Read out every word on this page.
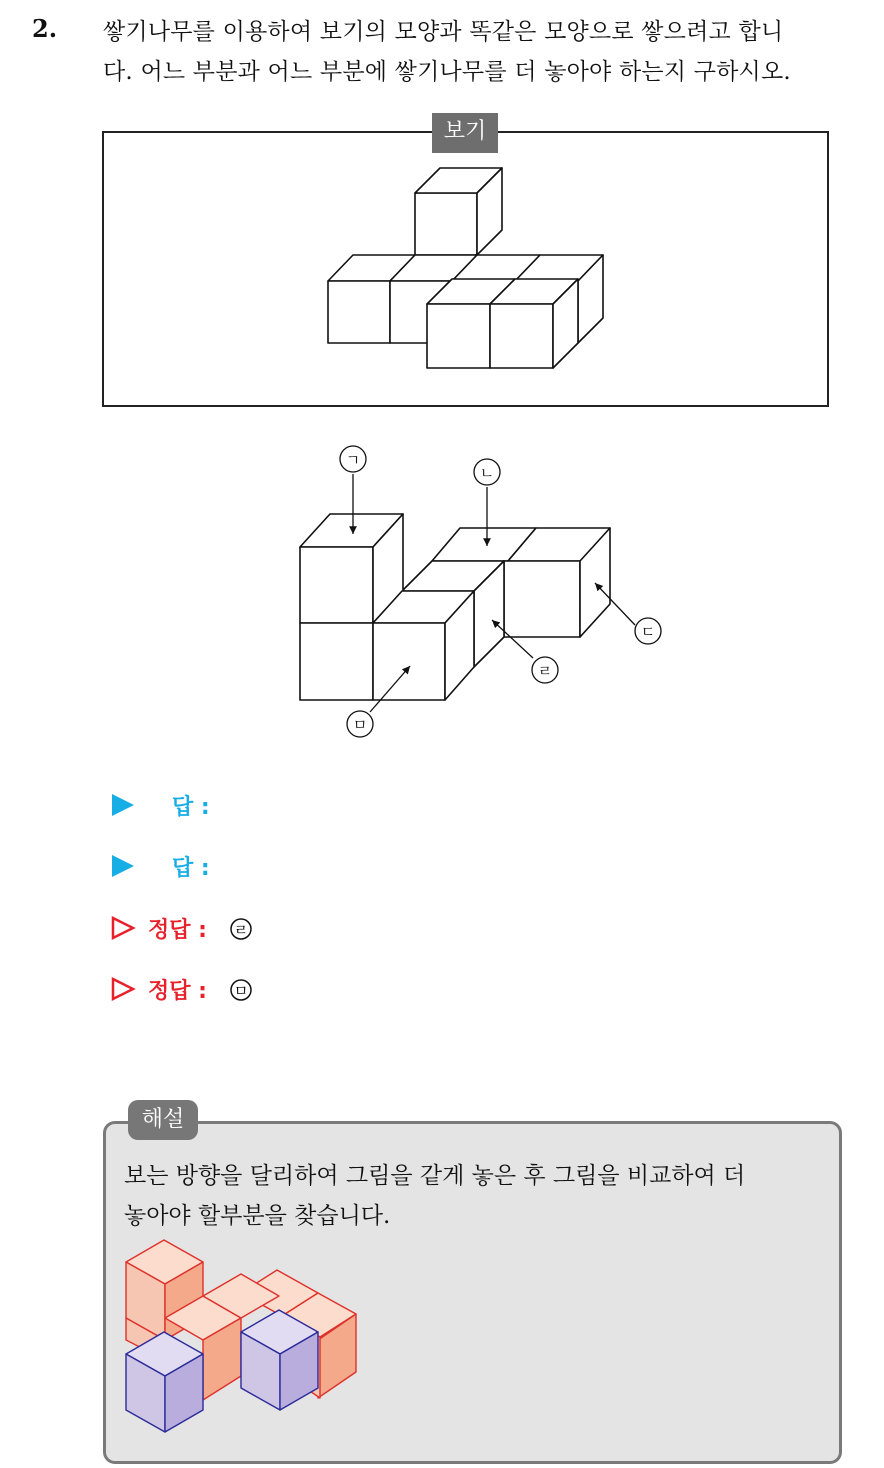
2. 쌓기나무를 이용하여 보기의 모양과 똑같은 모양으로 쌓으려고 합니
다. 어느 부분과 어느 부분에 쌓기나무를 더 놓아야 하는지 구하시오.
보기
ㄱ
ㄴ
ㄷ
ㄹ
ㅁ
답 :
답 :
정답 : ㄹ
정답 : ㅁ
해설
보는 방향을 달리하여 그림을 같게 놓은 후 그림을 비교하여 더
놓아야 할부분을 찾습니다.
